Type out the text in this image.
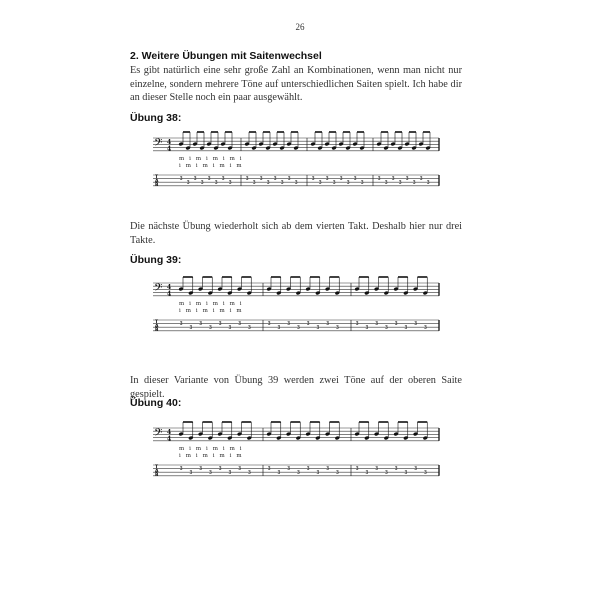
26
2. Weitere Übungen mit Saitenwechsel
Es gibt natürlich eine sehr große Zahl an Kombinationen, wenn man nicht nur einzelne, sondern mehrere Töne auf unterschiedlichen Saiten spielt. Ich habe dir an dieser Stelle noch ein paar ausgewählt.
Übung 38:
𝄢 4
4
T
A
B
3
3
3
3
3
3
3
3
3
3
3
3
3
3
3
3
3
3
3
3
3
3
3
3
3
3
3
3
3
3
3
3
m i m i m i m i
i m i m i m i m
Die nächste Übung wiederholt sich ab dem vierten Takt. Deshalb hier nur drei Takte.
Übung 39:
𝄢 4
4
T
A
B
3
3
3
3
3
3
3
3
3
3
3
3
3
3
3
3
3
3
3
3
3
3
3
3
m i m i m i m i
i m i m i m i m
In dieser Variante von Übung 39 werden zwei Töne auf der oberen Saite gespielt.
Übung 40:
𝄢 4
4
T
A
B
3
3
3
3
3
3
3
3
3
3
3
3
3
3
3
3
3
3
3
3
3
3
3
3
m i m i m i m i
i m i m i m i m
